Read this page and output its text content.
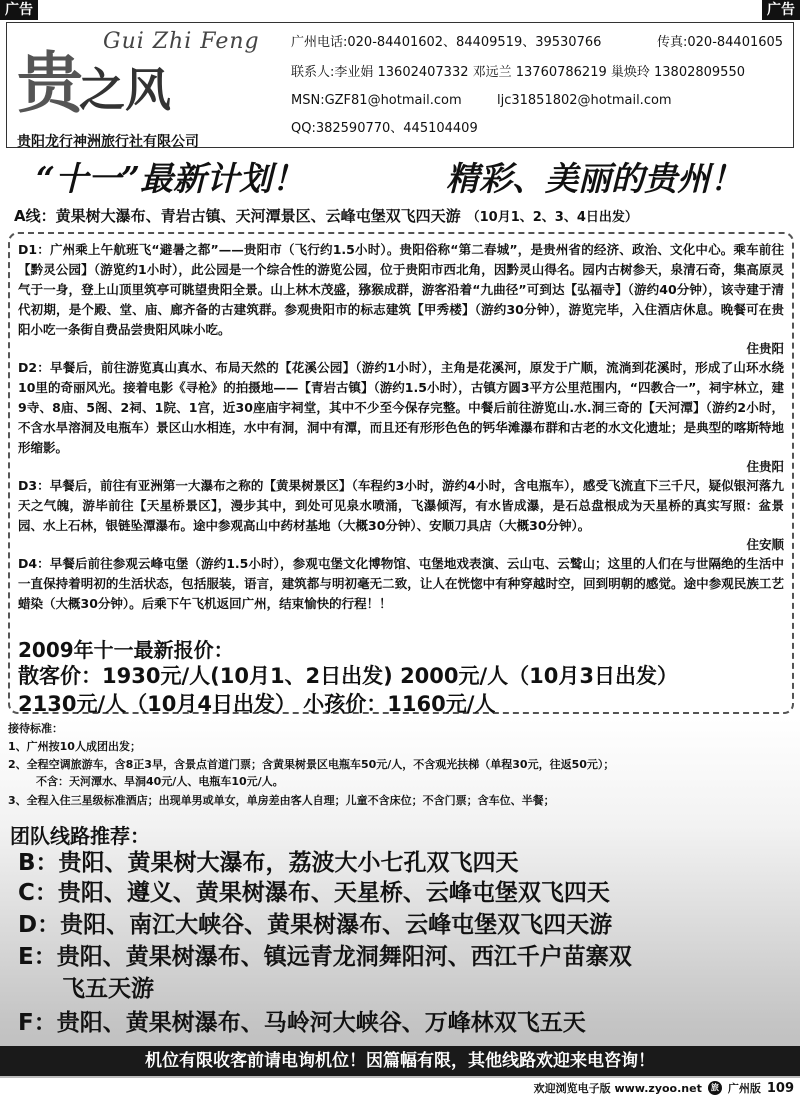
广告	广告
Gui Zhi Feng
贵之风
贵阳龙行神洲旅行社有限公司
广州电话:020-84401602、84409519、39530766	传真:020-84401605
联系人:李业娟 13602407332 邓远兰 13760786219 巢焕玲 13802809550
MSN:GZF81@hotmail.com	ljc31851802@hotmail.com
QQ:382590770、445104409
“十一”最新计划！	精彩、美丽的贵州！
A线：黄果树大瀑布、青岩古镇、天河潭景区、云峰屯堡双飞四天游 （10月1、2、3、4日出发）
D1：广州乘上午航班飞“避暑之都”——贵阳市（飞行约1.5小时）。贵阳俗称“第二春城”，是贵州省的经济、政治、文化中心。乘车前往【黔灵公园】（游览约1小时），此公园是一个综合性的游览公园，位于贵阳市西北角，因黔灵山得名。园内古树参天，泉清石奇，集高原灵气于一身，登上山顶里筑亭可眺望贵阳全景。山上林木茂盛，猕猴成群，游客沿着“九曲径”可到达【弘福寺】（游约40分钟），该寺建于清代初期，是个殿、堂、庙、廊齐备的古建筑群。参观贵阳市的标志建筑【甲秀楼】（游约30分钟），游览完毕，入住酒店休息。晚餐可在贵阳小吃一条街自费品尝贵阳风味小吃。
住贵阳
D2：早餐后，前往游览真山真水、布局天然的【花溪公园】（游约1小时），主角是花溪河，原发于广顺，流淌到花溪时，形成了山环水绕10里的奇丽风光。接着电影《寻枪》的拍摄地——【青岩古镇】（游约1.5小时），古镇方圆3平方公里范围内，“四教合一”，祠宇林立，建9寺、8庙、5阁、2祠、1院、1宫，近30座庙宇祠堂，其中不少至今保存完整。中餐后前往游览山.水.洞三奇的【天河潭】（游约2小时，不含水旱溶洞及电瓶车）景区山水相连，水中有洞，洞中有潭，而且还有形形色色的钙华滩瀑布群和古老的水文化遗址；是典型的喀斯特地形缩影。
住贵阳
D3：早餐后，前往有亚洲第一大瀑布之称的【黄果树景区】（车程约3小时，游约4小时，含电瓶车），感受飞流直下三千尺，疑似银河落九天之气魄，游毕前往【天星桥景区】，漫步其中，到处可见泉水喷涌，飞瀑倾泻，有水皆成瀑，是石总盘根成为天星桥的真实写照：盆景园、水上石林，银链坠潭瀑布。途中参观高山中药材基地（大概30分钟）、安顺刀具店（大概30分钟）。
住安顺
D4：早餐后前往参观云峰屯堡（游约1.5小时），参观屯堡文化博物馆、屯堡地戏表演、云山屯、云鹫山；这里的人们在与世隔绝的生活中一直保持着明初的生活状态，包括服装，语言，建筑都与明初毫无二致，让人在恍惚中有种穿越时空，回到明朝的感觉。途中参观民族工艺蜡染（大概30分钟）。后乘下午飞机返回广州，结束愉快的行程！！
2009年十一最新报价：
散客价：1930元/人(10月1、2日出发) 2000元/人（10月3日出发）
2130元/人（10月4日出发） 小孩价：1160元/人
接待标准：
1、广州按10人成团出发；
2、全程空调旅游车，含8正3早，含景点首道门票；含黄果树景区电瓶车50元/人，不含观光扶梯（单程30元，往返50元）；
不含：天河潭水、旱洞40元/人、电瓶车10元/人。
3、全程入住三星级标准酒店；出现单男或单女，单房差由客人自理；儿童不含床位；不含门票；含车位、半餐；
团队线路推荐：
B：贵阳、黄果树大瀑布，荔波大小七孔双飞四天
C：贵阳、遵义、黄果树瀑布、天星桥、云峰屯堡双飞四天
D：贵阳、南江大峡谷、黄果树瀑布、云峰屯堡双飞四天游
E：贵阳、黄果树瀑布、镇远青龙洞舞阳河、西江千户苗寨双
飞五天游
F：贵阳、黄果树瀑布、马岭河大峡谷、万峰林双飞五天
机位有限收客前请电询机位！因篇幅有限，其他线路欢迎来电咨询！
欢迎浏览电子版 www.zyoo.net	旅 广州版 109
